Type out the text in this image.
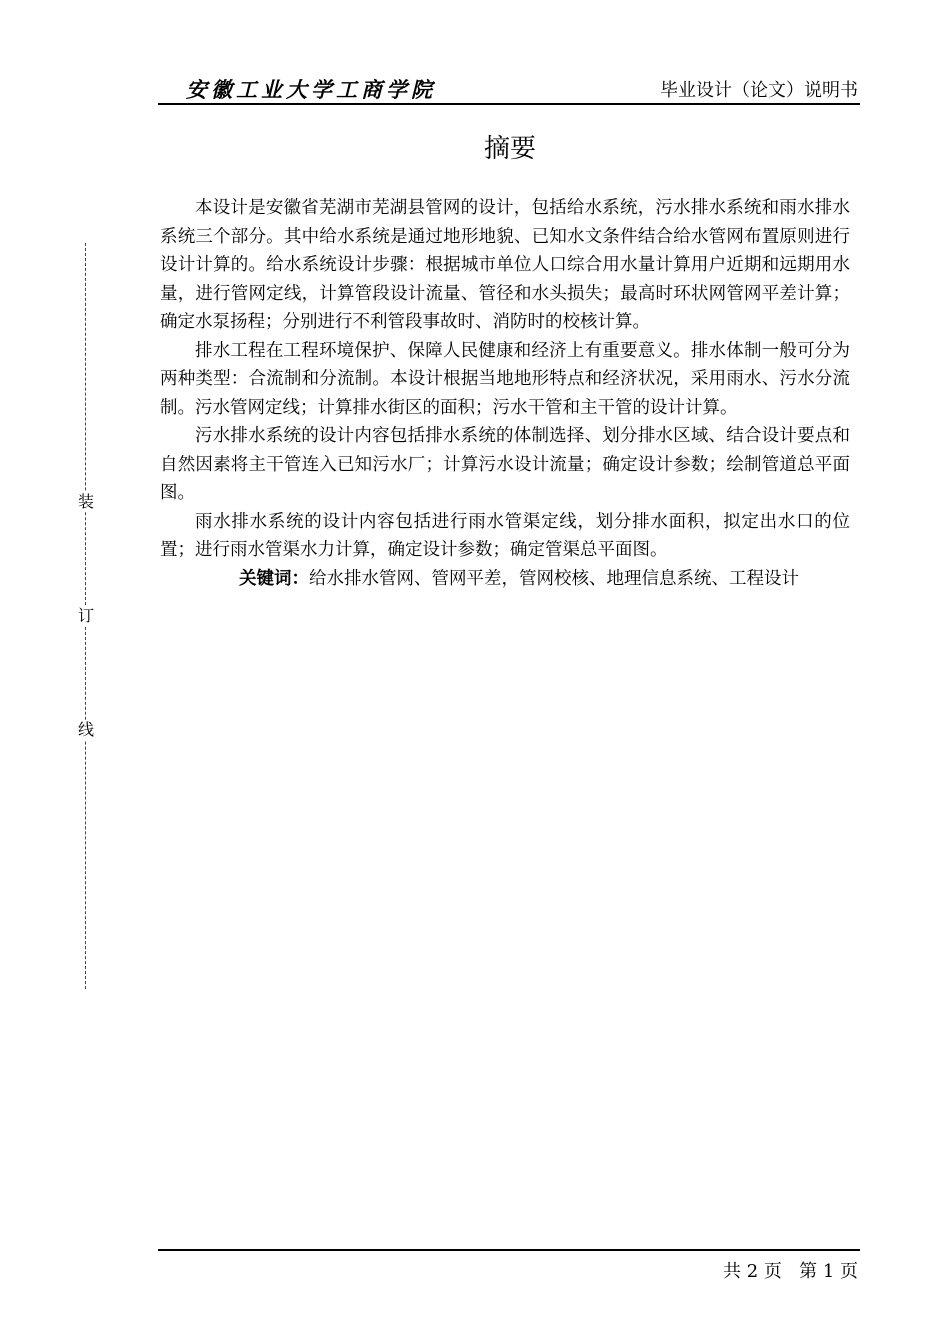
安徽工业大学工商学院	毕业设计（论文）说明书
装
订
线
摘要

本设计是安徽省芜湖市芜湖县管网的设计，包括给水系统，污水排水系统和雨水排水系统三个部分。其中给水系统是通过地形地貌、已知水文条件结合给水管网布置原则进行设计计算的。给水系统设计步骤：根据城市单位人口综合用水量计算用户近期和远期用水量，进行管网定线，计算管段设计流量、管径和水头损失；最高时环状网管网平差计算；确定水泵扬程；分别进行不利管段事故时、消防时的校核计算。

排水工程在工程环境保护、保障人民健康和经济上有重要意义。排水体制一般可分为两种类型：合流制和分流制。本设计根据当地地形特点和经济状况，采用雨水、污水分流制。污水管网定线；计算排水街区的面积；污水干管和主干管的设计计算。

污水排水系统的设计内容包括排水系统的体制选择、划分排水区域、结合设计要点和自然因素将主干管连入已知污水厂；计算污水设计流量；确定设计参数；绘制管道总平面图。

雨水排水系统的设计内容包括进行雨水管渠定线，划分排水面积，拟定出水口的位置；进行雨水管渠水力计算，确定设计参数；确定管渠总平面图。

关键词：给水排水管网、管网平差，管网校核、地理信息系统、工程设计

共 2 页 第 1 页
